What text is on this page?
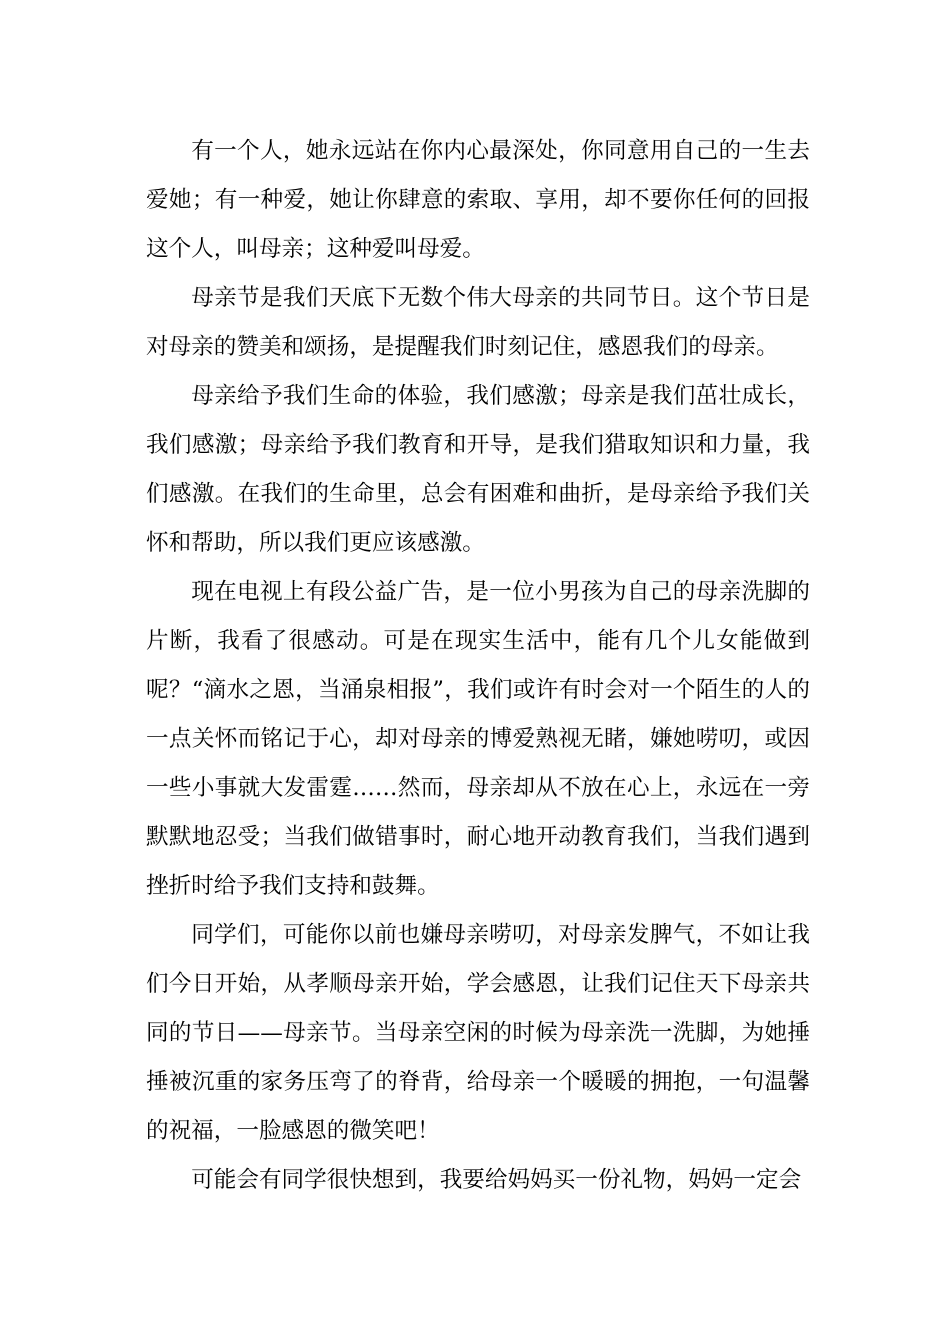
有一个人，她永远站在你内心最深处，你同意用自己的一生去爱她；有一种爱，她让你肆意的索取、享用，却不要你任何的回报这个人，叫母亲；这种爱叫母爱。

母亲节是我们天底下无数个伟大母亲的共同节日。这个节日是对母亲的赞美和颂扬，是提醒我们时刻记住，感恩我们的母亲。

母亲给予我们生命的体验，我们感激；母亲是我们茁壮成长，我们感激；母亲给予我们教育和开导，是我们猎取知识和力量，我们感激。在我们的生命里，总会有困难和曲折，是母亲给予我们关怀和帮助，所以我们更应该感激。

现在电视上有段公益广告，是一位小男孩为自己的母亲洗脚的片断，我看了很感动。可是在现实生活中，能有几个儿女能做到呢？“滴水之恩，当涌泉相报”，我们或许有时会对一个陌生的人的一点关怀而铭记于心，却对母亲的博爱熟视无睹，嫌她唠叨，或因一些小事就大发雷霆……然而，母亲却从不放在心上，永远在一旁默默地忍受；当我们做错事时，耐心地开动教育我们，当我们遇到挫折时给予我们支持和鼓舞。

同学们，可能你以前也嫌母亲唠叨，对母亲发脾气，不如让我们今日开始，从孝顺母亲开始，学会感恩，让我们记住天下母亲共同的节日——母亲节。当母亲空闲的时候为母亲洗一洗脚，为她捶捶被沉重的家务压弯了的脊背，给母亲一个暖暖的拥抱，一句温馨的祝福，一脸感恩的微笑吧！

可能会有同学很快想到，我要给妈妈买一份礼物，妈妈一定会
